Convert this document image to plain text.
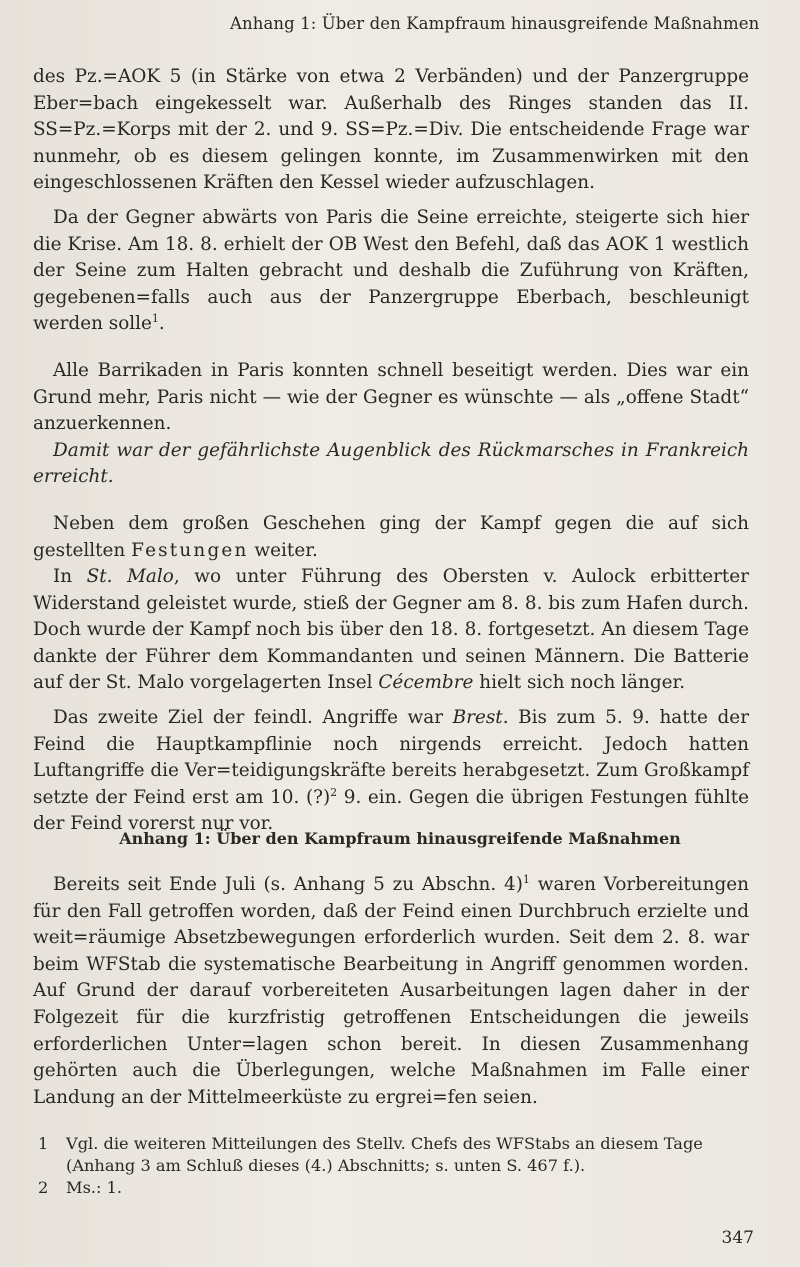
Anhang 1: Über den Kampfraum hinausgreifende Maßnahmen

des Pz.=AOK 5 (in Stärke von etwa 2 Verbänden) und der Panzergruppe Eber=bach eingekesselt war. Außerhalb des Ringes standen das II. SS=Pz.=Korps mit der 2. und 9. SS=Pz.=Div. Die entscheidende Frage war nunmehr, ob es diesem gelingen konnte, im Zusammenwirken mit den eingeschlossenen Kräften den Kessel wieder aufzuschlagen.

Da der Gegner abwärts von Paris die Seine erreichte, steigerte sich hier die Krise. Am 18. 8. erhielt der OB West den Befehl, daß das AOK 1 westlich der Seine zum Halten gebracht und deshalb die Zuführung von Kräften, gegebenen=falls auch aus der Panzergruppe Eberbach, beschleunigt werden solle$^1$.

Alle Barrikaden in Paris konnten schnell beseitigt werden. Dies war ein Grund mehr, Paris nicht — wie der Gegner es wünschte — als „offene Stadt“ anzuerkennen.

Damit war der gefährlichste Augenblick des Rückmarsches in Frankreich erreicht.

Neben dem großen Geschehen ging der Kampf gegen die auf sich gestellten Festungen weiter.

In St. Malo, wo unter Führung des Obersten v. Aulock erbitterter Widerstand geleistet wurde, stieß der Gegner am 8. 8. bis zum Hafen durch. Doch wurde der Kampf noch bis über den 18. 8. fortgesetzt. An diesem Tage dankte der Führer dem Kommandanten und seinen Männern. Die Batterie auf der St. Malo vorgelagerten Insel Cécembre hielt sich noch länger.

Das zweite Ziel der feindl. Angriffe war Brest. Bis zum 5. 9. hatte der Feind die Hauptkampflinie noch nirgends erreicht. Jedoch hatten Luftangriffe die Ver=teidigungskräfte bereits herabgesetzt. Zum Großkampf setzte der Feind erst am 10. (?)$^2$ 9. ein. Gegen die übrigen Festungen fühlte der Feind vorerst nur vor.

Anhang 1: Über den Kampfraum hinausgreifende Maßnahmen

Bereits seit Ende Juli (s. Anhang 5 zu Abschn. 4)$^1$ waren Vorbereitungen für den Fall getroffen worden, daß der Feind einen Durchbruch erzielte und weit=räumige Absetzbewegungen erforderlich wurden. Seit dem 2. 8. war beim WFStab die systematische Bearbeitung in Angriff genommen worden. Auf Grund der darauf vorbereiteten Ausarbeitungen lagen daher in der Folgezeit für die kurzfristig getroffenen Entscheidungen die jeweils erforderlichen Unter=lagen schon bereit. In diesen Zusammenhang gehörten auch die Überlegungen, welche Maßnahmen im Falle einer Landung an der Mittelmeerküste zu ergrei=fen seien.

1	Vgl. die weiteren Mitteilungen des Stellv. Chefs des WFStabs an diesem Tage (Anhang 3 am Schluß dieses (4.) Abschnitts; s. unten S. 467 f.).
2	Ms.: 1.
347
